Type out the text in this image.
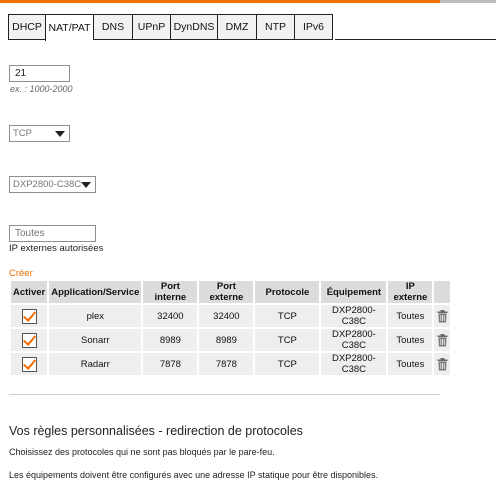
DHCP NAT/PAT	DNS	UPnP DynDNS	DMZ	NTP	IPv6
21
ex. : 1000-2000
TCP
DXP2800-C38C
Toutes
IP externes autorisées
Créer
Activer	Application/Service	Port interne	Port externe	Protocole	Équipement	IP externe	
	plex	32400	32400	TCP	DXP2800-C38C	Toutes	
	Sonarr	8989	8989	TCP	DXP2800-C38C	Toutes	
	Radarr	7878	7878	TCP	DXP2800-C38C	Toutes	
Vos règles personnalisées - redirection de protocoles
Choisissez des protocoles qui ne sont pas bloqués par le pare-feu.
Les équipements doivent être configurés avec une adresse IP statique pour être disponibles.
